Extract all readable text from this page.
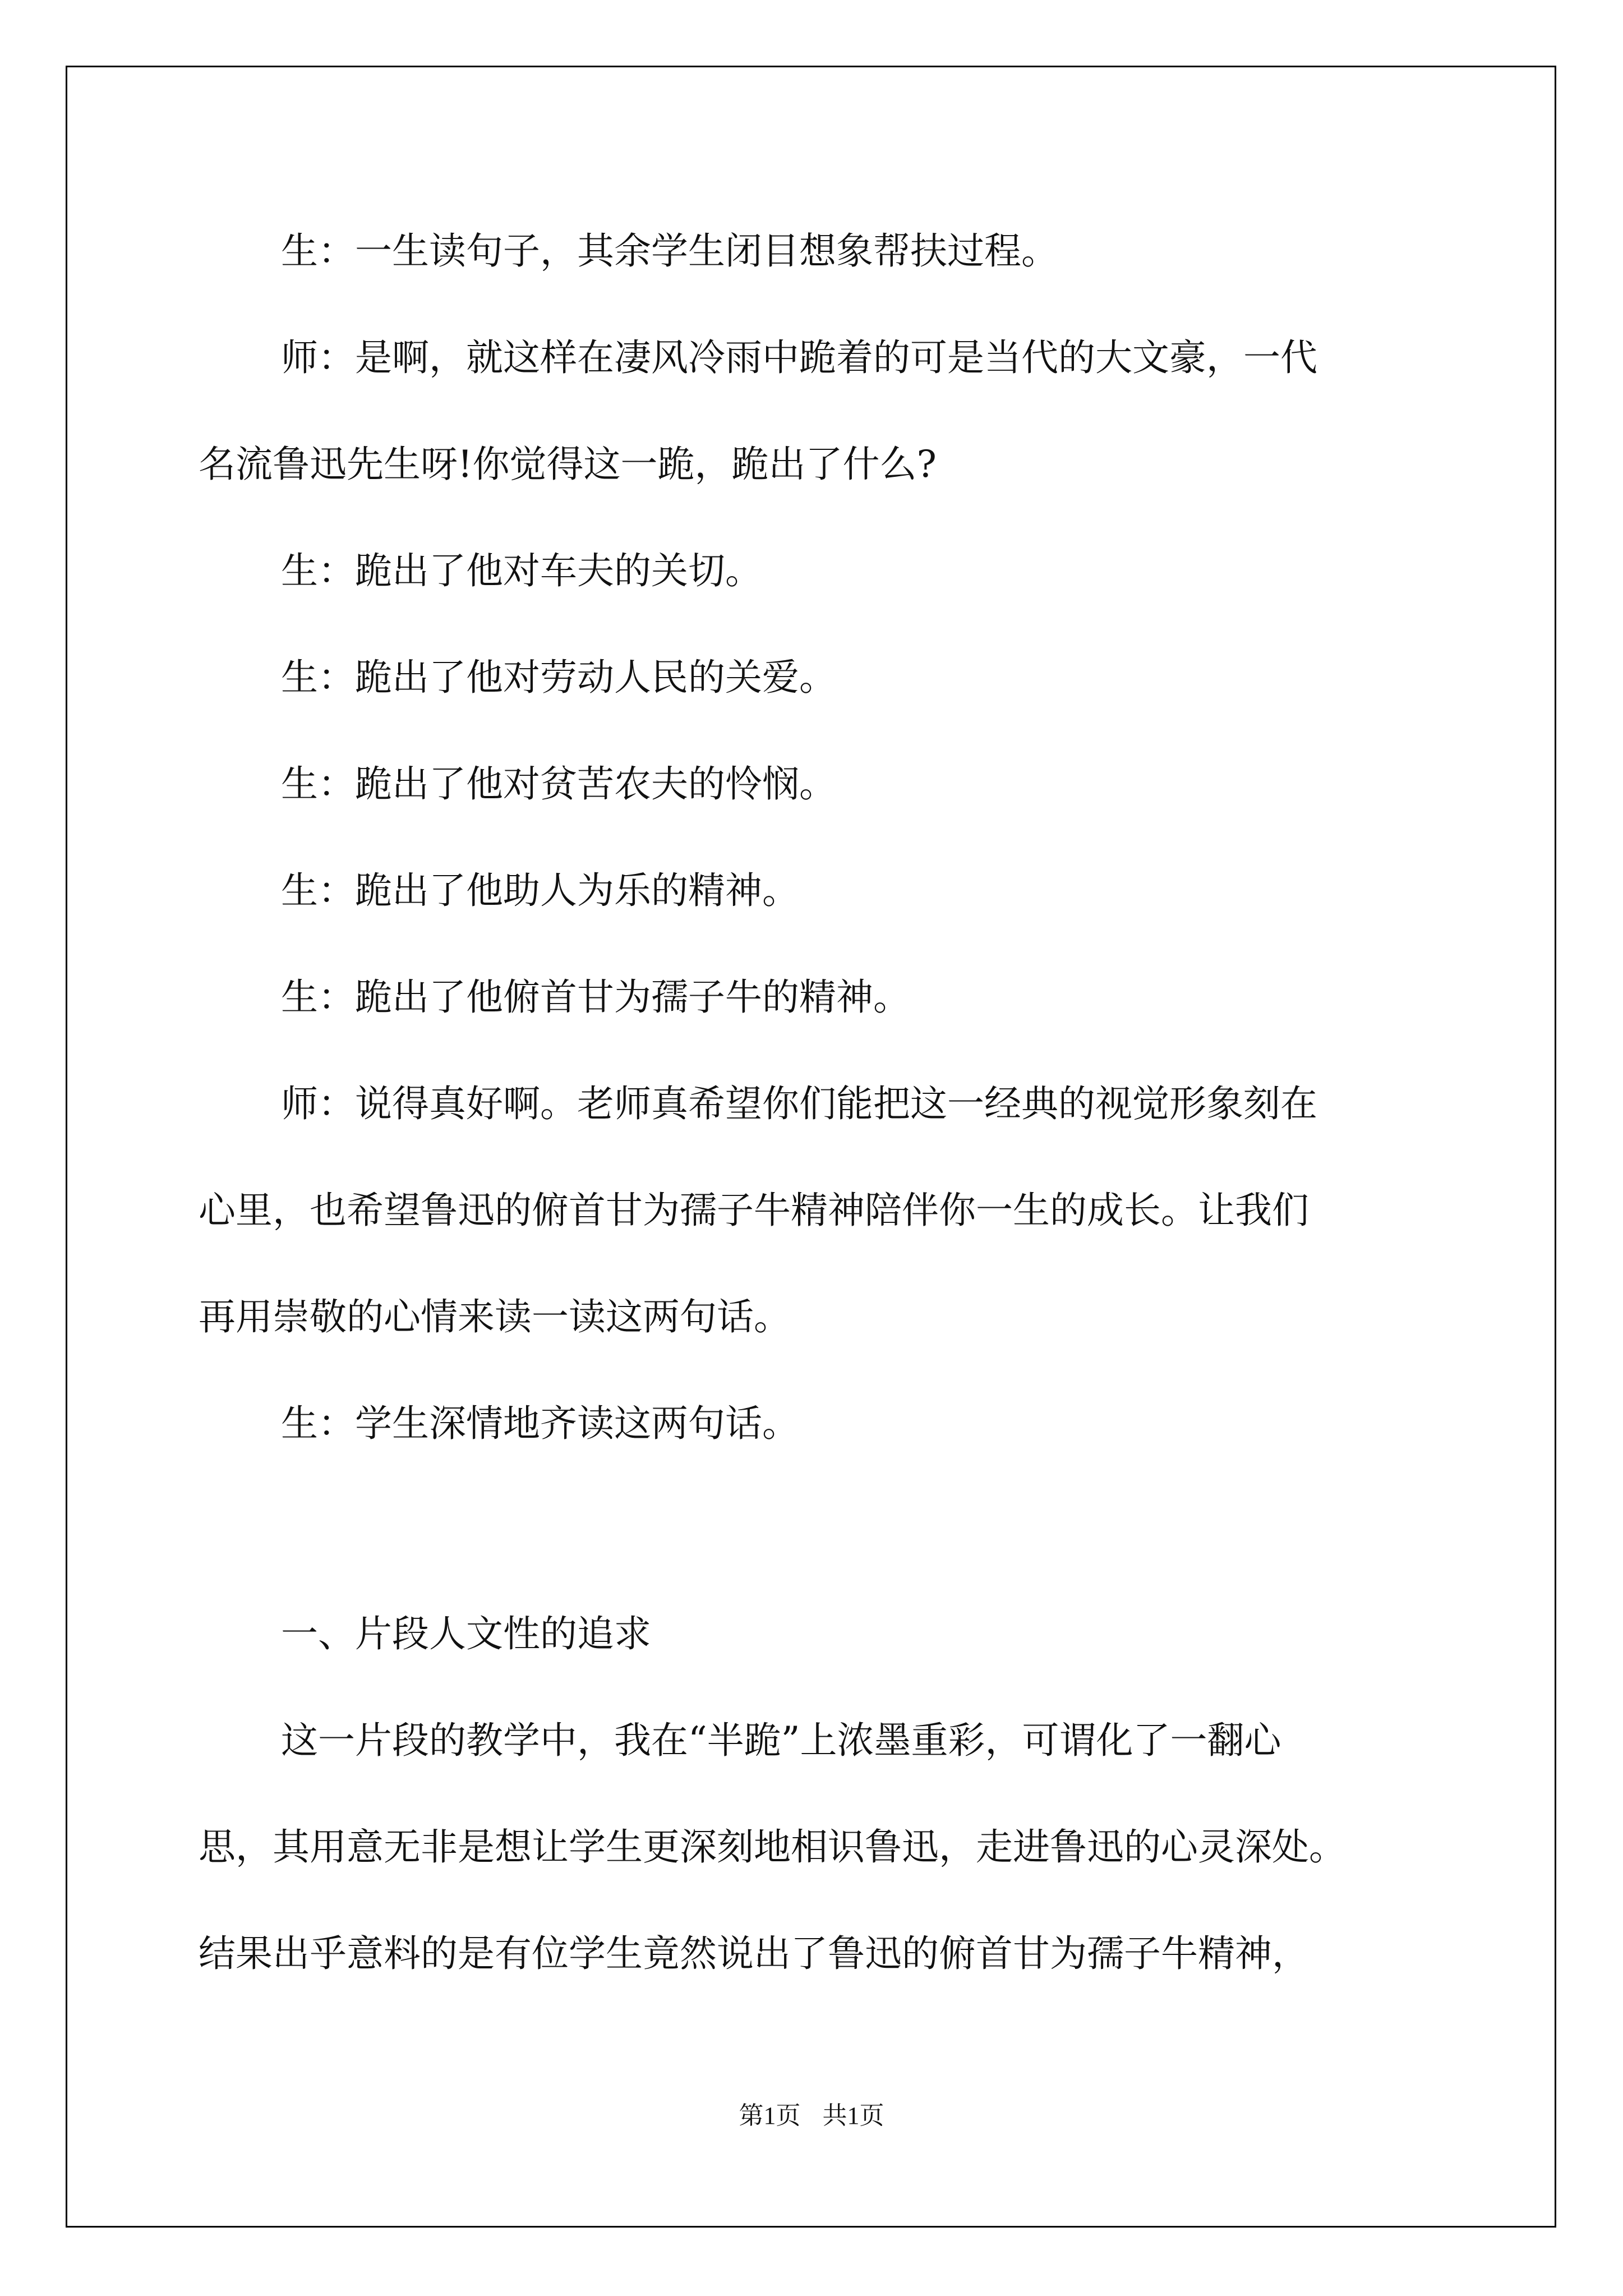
生：一生读句子，其余学生闭目想象帮扶过程。
师：是啊，就这样在凄风冷雨中跪着的可是当代的大文豪，一代
名流鲁迅先生呀!你觉得这一跪，跪出了什么?
生：跪出了他对车夫的关切。
生：跪出了他对劳动人民的关爱。
生：跪出了他对贫苦农夫的怜悯。
生：跪出了他助人为乐的精神。
生：跪出了他俯首甘为孺子牛的精神。
师：说得真好啊。老师真希望你们能把这一经典的视觉形象刻在
心里，也希望鲁迅的俯首甘为孺子牛精神陪伴你一生的成长。让我们
再用崇敬的心情来读一读这两句话。
生：学生深情地齐读这两句话。
一、片段人文性的追求
这一片段的教学中，我在“半跪”上浓墨重彩，可谓化了一翻心
思，其用意无非是想让学生更深刻地相识鲁迅，走进鲁迅的心灵深处。
结果出乎意料的是有位学生竟然说出了鲁迅的俯首甘为孺子牛精神，
第1页 共1页
